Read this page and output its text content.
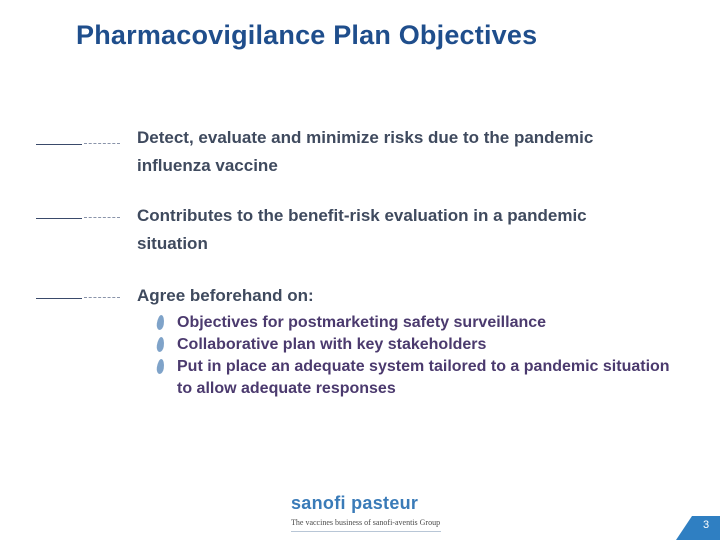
Pharmacovigilance Plan Objectives
Detect, evaluate and minimize risks due to the pandemic influenza vaccine
Contributes to the benefit-risk evaluation in a pandemic situation
Agree beforehand on:
Objectives for postmarketing safety surveillance
Collaborative plan with key stakeholders
Put in place an adequate system tailored to a pandemic situation to allow adequate responses
sanofi pasteur
The vaccines business of sanofi-aventis Group	3
